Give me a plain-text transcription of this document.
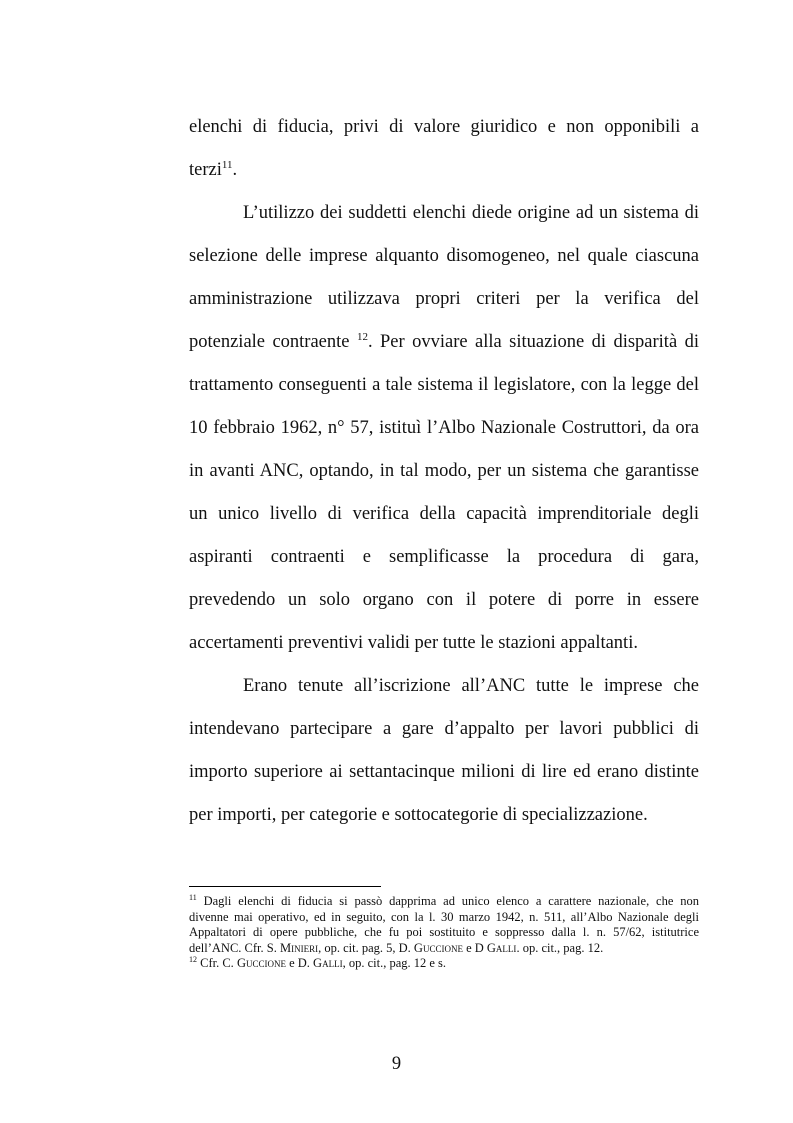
elenchi di fiducia, privi di valore giuridico e non opponibili a
terzi$^{11}$.
L’utilizzo dei suddetti elenchi diede origine ad un sistema di
selezione delle imprese alquanto disomogeneo, nel quale ciascuna
amministrazione utilizzava propri criteri per la verifica del
potenziale contraente $^{12}$. Per ovviare alla situazione di disparità di
trattamento conseguenti a tale sistema il legislatore, con la legge del
10 febbraio 1962, n° 57, istituì l’Albo Nazionale Costruttori, da ora
in avanti ANC, optando, in tal modo, per un sistema che garantisse
un unico livello di verifica della capacità imprenditoriale degli
aspiranti contraenti e semplificasse la procedura di gara,
prevedendo un solo organo con il potere di porre in essere
accertamenti preventivi validi per tutte le stazioni appaltanti.
Erano tenute all’iscrizione all’ANC tutte le imprese che
intendevano partecipare a gare d’appalto per lavori pubblici di
importo superiore ai settantacinque milioni di lire ed erano distinte
per importi, per categorie e sottocategorie di specializzazione.
$^{11}$ Dagli elenchi di fiducia si passò dapprima ad unico elenco a carattere nazionale, che non
divenne mai operativo, ed in seguito, con la l. 30 marzo 1942, n. 511, all’Albo Nazionale degli
Appaltatori di opere pubbliche, che fu poi sostituito e soppresso dalla l. n. 57/62, istitutrice
dell’ANC. Cfr. S. Minieri, op. cit. pag. 5, D. Guccione e D Galli. op. cit., pag. 12.
$^{12}$ Cfr. C. Guccione e D. Galli, op. cit., pag. 12 e s.
9
